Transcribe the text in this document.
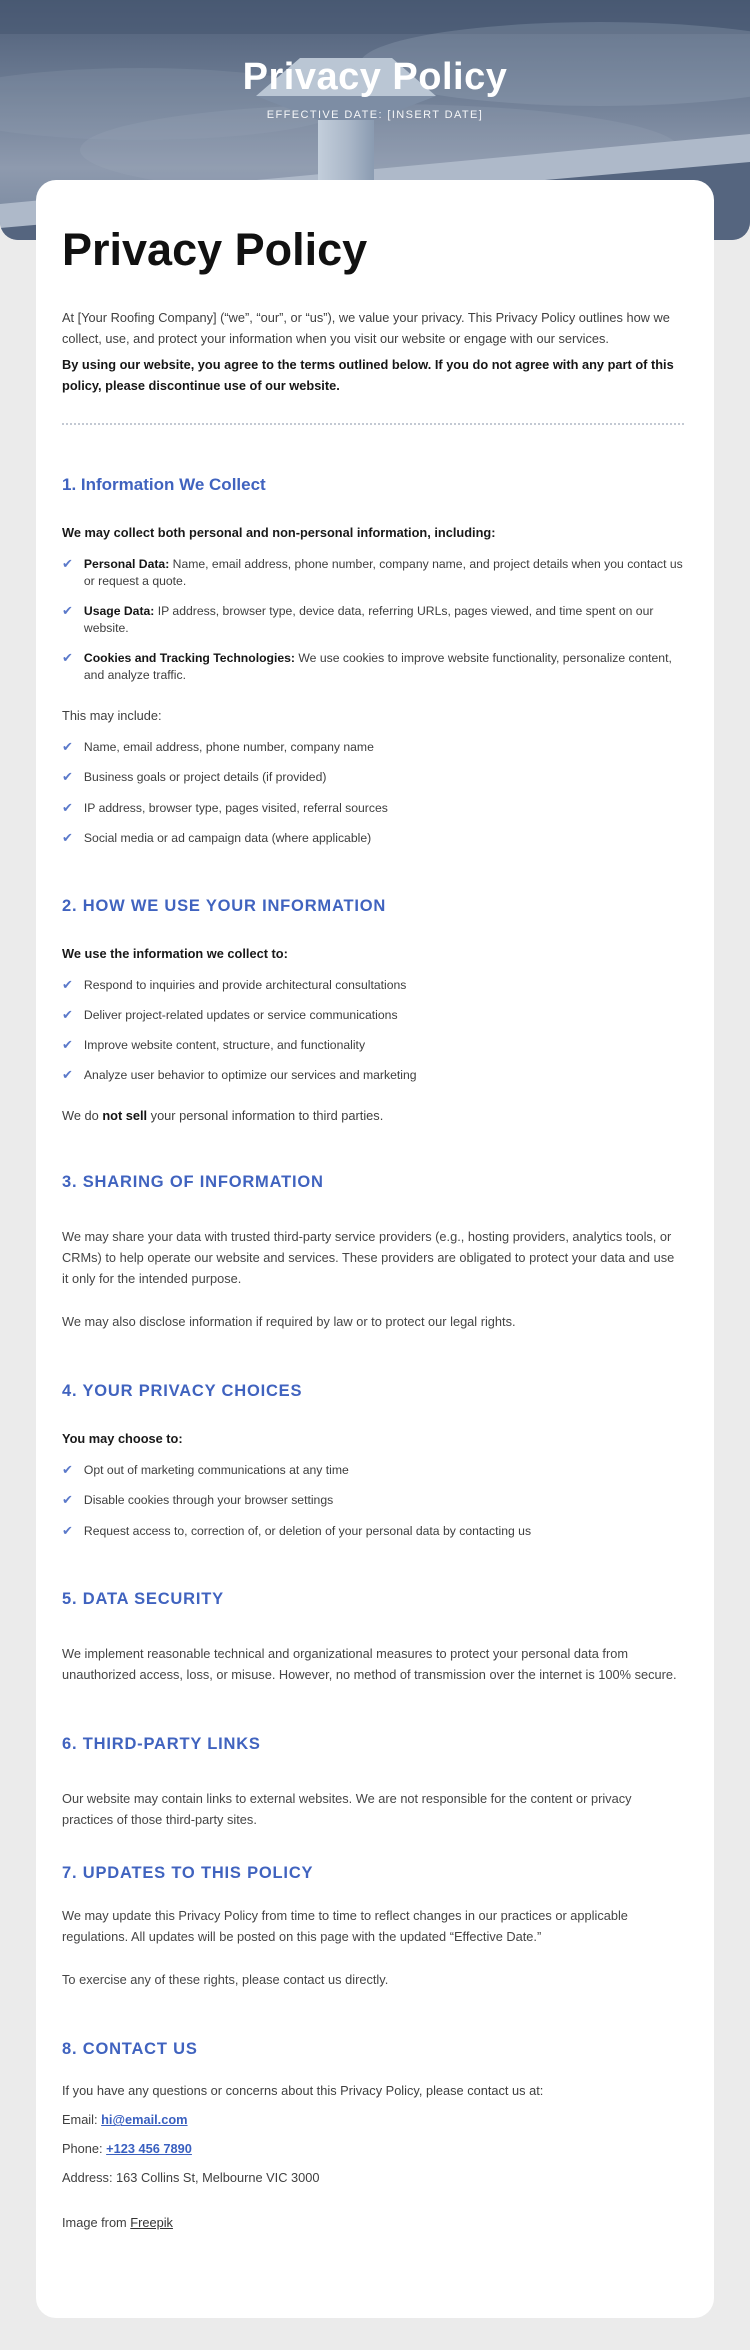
Privacy Policy
EFFECTIVE DATE: [INSERT DATE]
Privacy Policy

At [Your Roofing Company] (“we”, “our”, or “us”), we value your privacy. This Privacy Policy outlines how we collect, use, and protect your information when you visit our website or engage with our services.

By using our website, you agree to the terms outlined below. If you do not agree with any part of this policy, please discontinue use of our website.

1. Information We Collect

We may collect both personal and non-personal information, including:

✔ Personal Data: Name, email address, phone number, company name, and project details when you contact us or request a quote.
✔ Usage Data: IP address, browser type, device data, referring URLs, pages viewed, and time spent on our website.
✔ Cookies and Tracking Technologies: We use cookies to improve website functionality, personalize content, and analyze traffic.

This may include:

✔ Name, email address, phone number, company name
✔ Business goals or project details (if provided)
✔ IP address, browser type, pages visited, referral sources
✔ Social media or ad campaign data (where applicable)
2. HOW WE USE YOUR INFORMATION

We use the information we collect to:

✔ Respond to inquiries and provide architectural consultations
✔ Deliver project-related updates or service communications
✔ Improve website content, structure, and functionality
✔ Analyze user behavior to optimize our services and marketing

We do not sell your personal information to third parties.

3. SHARING OF INFORMATION

We may share your data with trusted third-party service providers (e.g., hosting providers, analytics tools, or CRMs) to help operate our website and services. These providers are obligated to protect your data and use it only for the intended purpose.

We may also disclose information if required by law or to protect our legal rights.

4. YOUR PRIVACY CHOICES

You may choose to:

✔ Opt out of marketing communications at any time
✔ Disable cookies through your browser settings
✔ Request access to, correction of, or deletion of your personal data by contacting us
5. DATA SECURITY

We implement reasonable technical and organizational measures to protect your personal data from unauthorized access, loss, or misuse. However, no method of transmission over the internet is 100% secure.

6. THIRD-PARTY LINKS

Our website may contain links to external websites. We are not responsible for the content or privacy practices of those third-party sites.

7. UPDATES TO THIS POLICY

We may update this Privacy Policy from time to time to reflect changes in our practices or applicable regulations. All updates will be posted on this page with the updated “Effective Date.”

To exercise any of these rights, please contact us directly.

8. CONTACT US

If you have any questions or concerns about this Privacy Policy, please contact us at:

Email: hi@email.com

Phone: +123 456 7890

Address: 163 Collins St, Melbourne VIC 3000

Image from Freepik
